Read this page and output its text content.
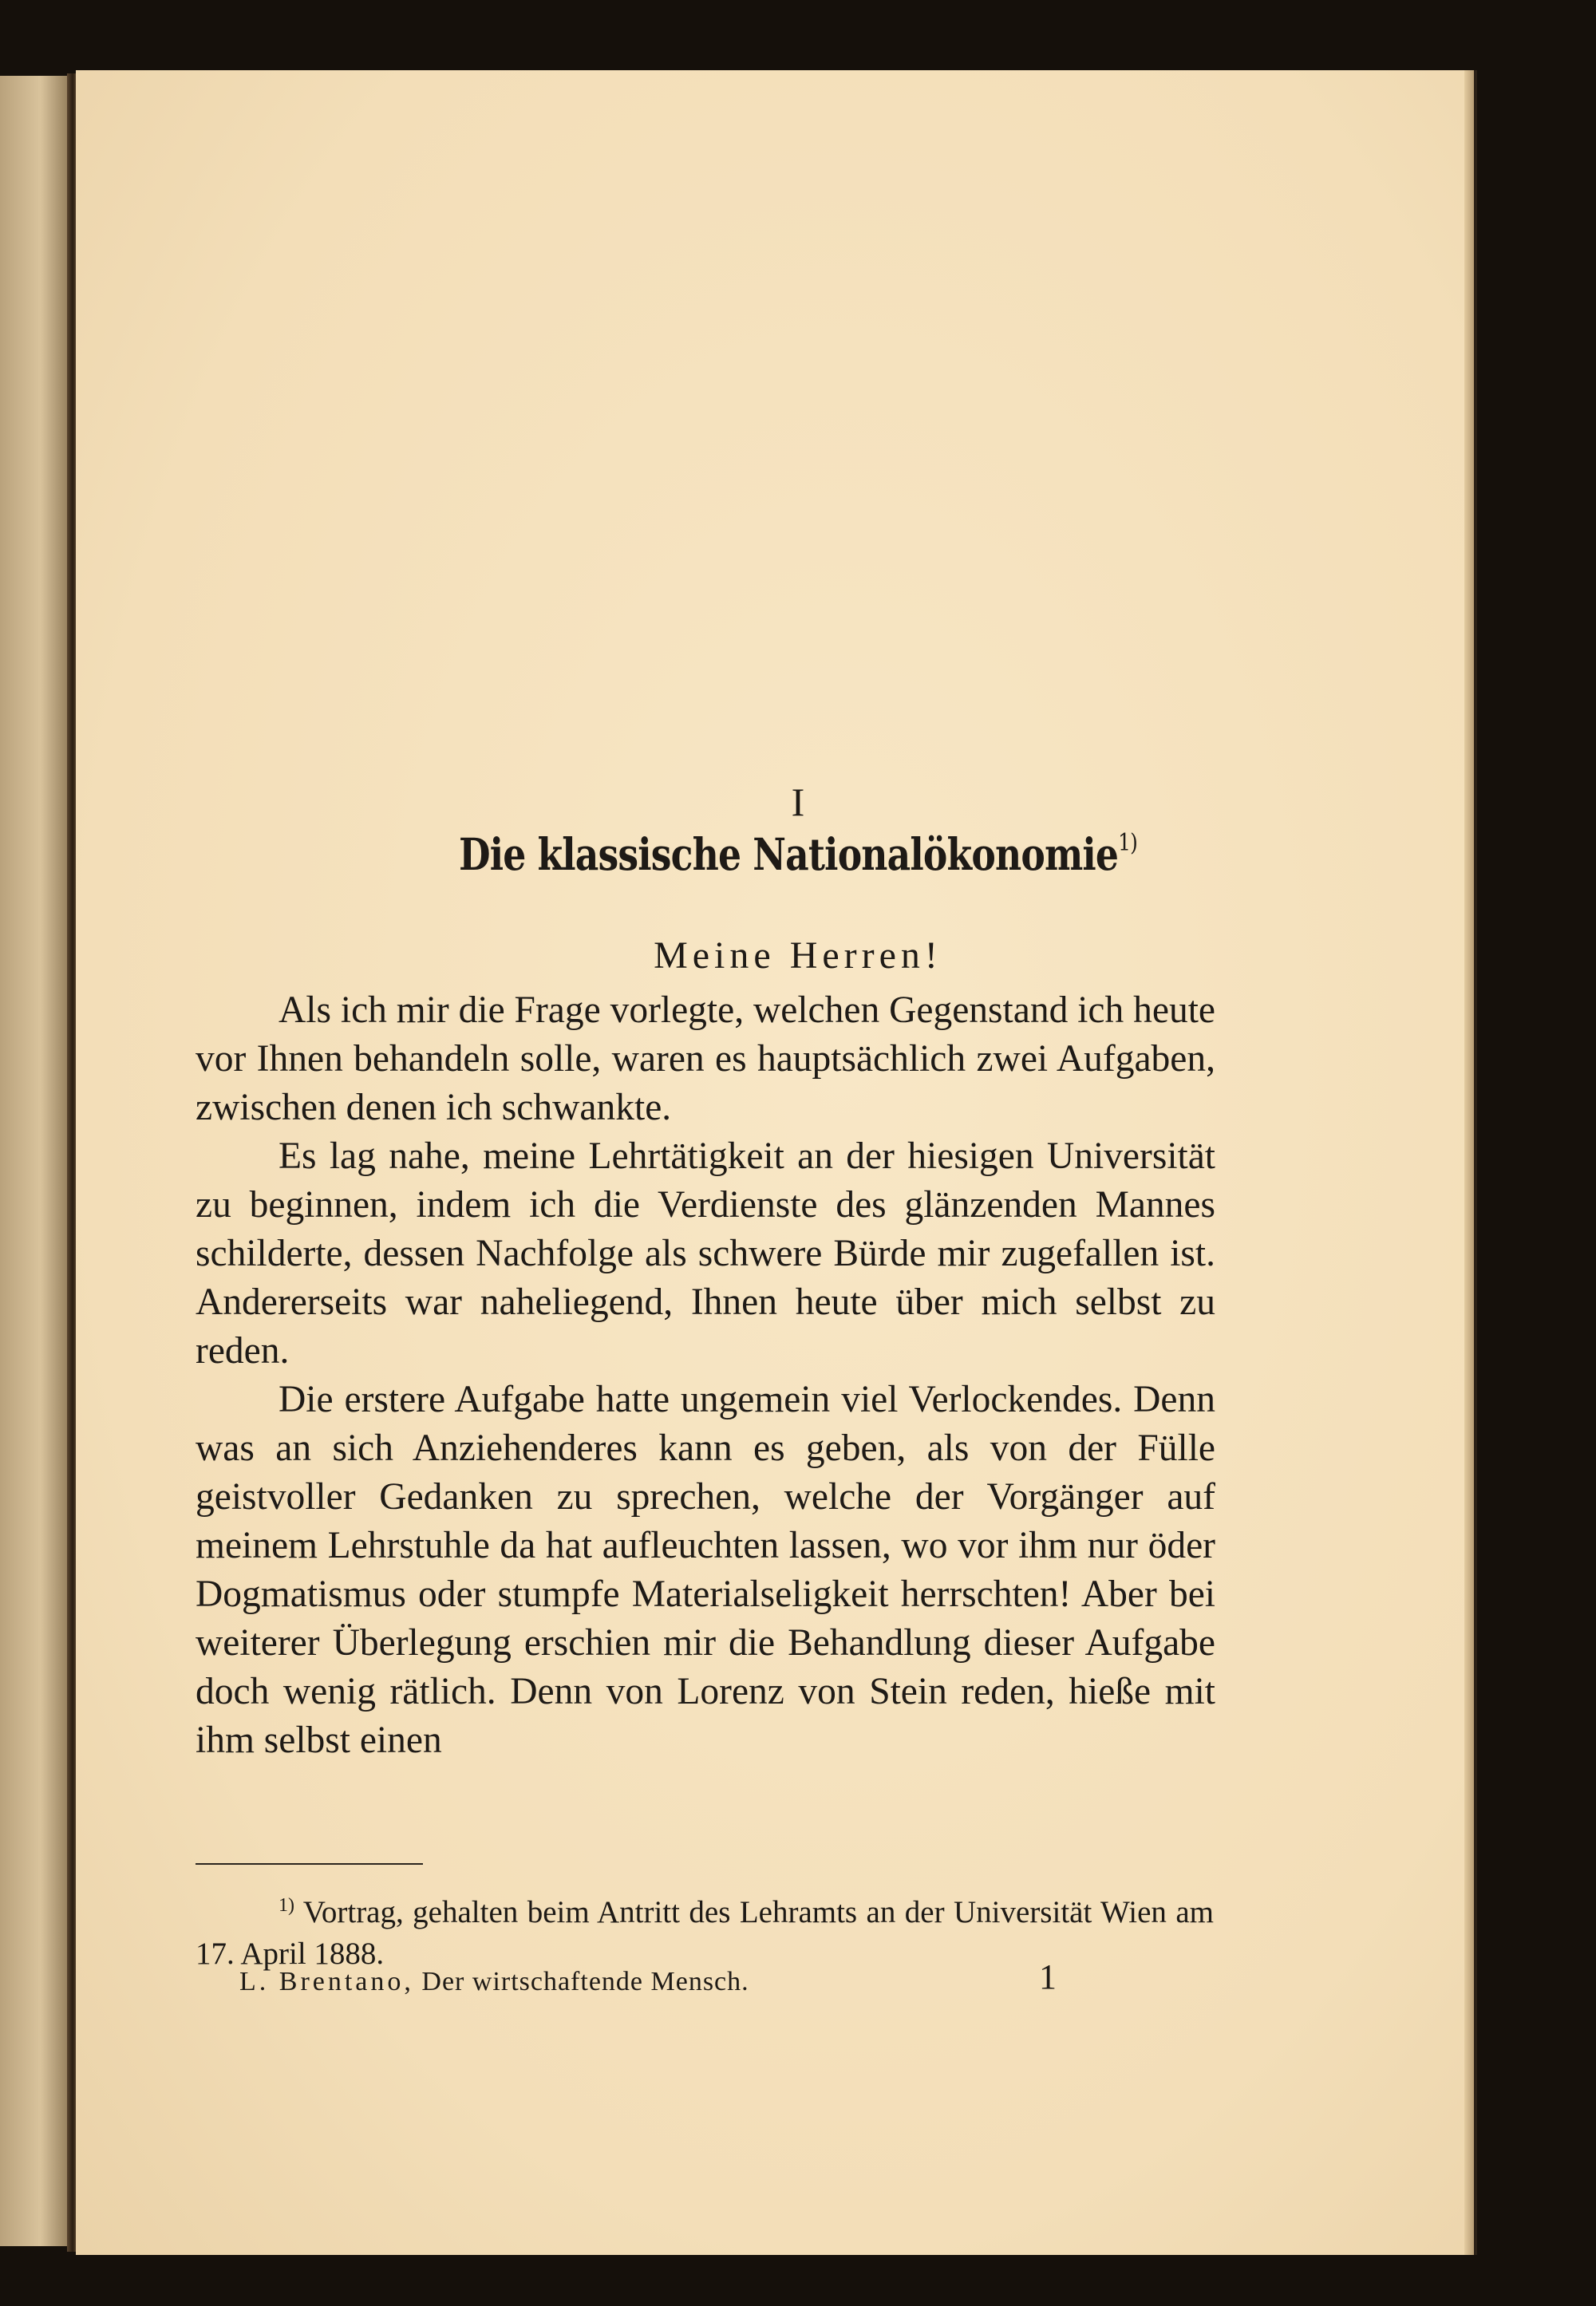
I
Die klassische Nationalökonomie$^{1)}$
Meine Herren!

Als ich mir die Frage vorlegte, welchen Gegenstand ich heute vor Ihnen behandeln solle, waren es hauptsächlich zwei Aufgaben, zwischen denen ich schwankte.

Es lag nahe, meine Lehrtätigkeit an der hiesigen Universität zu beginnen, indem ich die Verdienste des glänzenden Mannes schilderte, dessen Nachfolge als schwere Bürde mir zugefallen ist. Andererseits war naheliegend, Ihnen heute über mich selbst zu reden.

Die erstere Aufgabe hatte ungemein viel Verlockendes. Denn was an sich Anziehenderes kann es geben, als von der Fülle geistvoller Gedanken zu sprechen, welche der Vorgänger auf meinem Lehrstuhle da hat aufleuchten lassen, wo vor ihm nur öder Dogmatismus oder stumpfe Materialseligkeit herrschten! Aber bei weiterer Überlegung erschien mir die Behandlung dieser Aufgabe doch wenig rätlich. Denn von Lorenz von Stein reden, hieße mit ihm selbst einen

$^{1)}$ Vortrag, gehalten beim Antritt des Lehramts an der Universität Wien am 17. April 1888.

L. Brentano, Der wirtschaftende Mensch.	1
